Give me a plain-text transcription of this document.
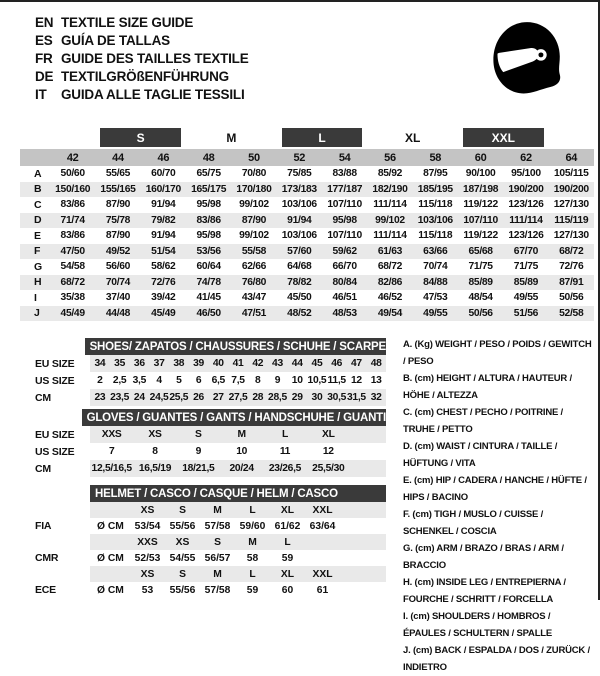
EN TEXTILE SIZE GUIDE
ES GUÍA DE TALLAS
FR GUIDE DES TAILLES TEXTILE
DE TEXTILGRÖßENFÜHRUNG
IT	GUIDA ALLE TAGLIE TESSILI
S	M	L	XL	XXL
42	44	46	48	50	52	54	56	58	60	62	64
A	50/60	55/65	60/70	65/75	70/80	75/85	83/88	85/92	87/95	90/100	95/100	105/115
B	150/160 155/165 160/170 165/175 170/180 173/183 177/187 182/190 185/195 187/198 190/200 190/200
C	83/86	87/90	91/94	95/98	99/102	103/106	107/110	111/114	115/118	119/122	123/126 127/130
D	71/74	75/78	79/82	83/86	87/90	91/94	95/98	99/102	103/106	107/110	111/114	115/119
E	83/86	87/90	91/94	95/98	99/102	103/106	107/110	111/114	115/118	119/122	123/126 127/130
F	47/50	49/52	51/54	53/56	55/58	57/60	59/62	61/63	63/66	65/68	67/70	68/72
G	54/58	56/60	58/62	60/64	62/66	64/68	66/70	68/72	70/74	71/75	71/75	72/76
H	68/72	70/74	72/76	74/78	76/80	78/82	80/84	82/86	84/88	85/89	85/89	87/91
I	35/38	37/40	39/42	41/45	43/47	45/50	46/51	46/52	47/53	48/54	49/55	50/56
J	45/49	44/48	45/49	46/50	47/51	48/52	48/53	49/54	49/55	50/56	51/56	52/58
SHOES/ ZAPATOS / CHAUSSURES / SCHUHE / SCARPE
EU SIZE	34 35 36 37 38 39 40 41 42 43 44 45 46 47 48
US SIZE	2	2,5 3,5 4	5	6	6,5 7,5 8	9	10 10,5 11,5 12 13
CM	23 23,5 24 24,5 25,5 26 27 27,5 28 28,5 29 30 30,5 31,5 32
GLOVES / GUANTES / GANTS / HANDSCHUHE / GUANTI
EU SIZE	XXS	XS	S	M	L	XL
US SIZE	7	8	9	10	11	12
CM	12,5/16,5 16,5/19	18/21,5	20/24	23/26,5	25,5/30
HELMET / CASCO / CASQUE / HELM / CASCO
XS	S	M	L	XL	XXL
FIA	Ø CM	53/54 55/56 57/58 59/60 61/62 63/64
XXS	XS	S	M	L
CMR	Ø CM	52/53 54/55 56/57	58	59
XS	S	M	L	XL	XXL
ECE	Ø CM	53	55/56 57/58	59	60	61
A. (Kg) WEIGHT / PESO / POIDS / GEWITCH / PESO
B. (cm) HEIGHT / ALTURA / HAUTEUR / HÖHE / ALTEZZA
C. (cm) CHEST / PECHO / POITRINE / TRUHE / PETTO
D. (cm) WAIST / CINTURA / TAILLE / HÜFTUNG / VITA
E. (cm) HIP / CADERA / HANCHE / HÜFTE / HIPS / BACINO
F. (cm) TIGH / MUSLO / CUISSE / SCHENKEL / COSCIA
G. (cm) ARM / BRAZO / BRAS / ARM / BRACCIO
H. (cm) INSIDE LEG / ENTREPIERNA / FOURCHE / SCHRITT / FORCELLA
I. (cm) SHOULDERS / HOMBROS / ÉPAULES / SCHULTERN / SPALLE
J. (cm) BACK / ESPALDA / DOS / ZURÜCK / INDIETRO
